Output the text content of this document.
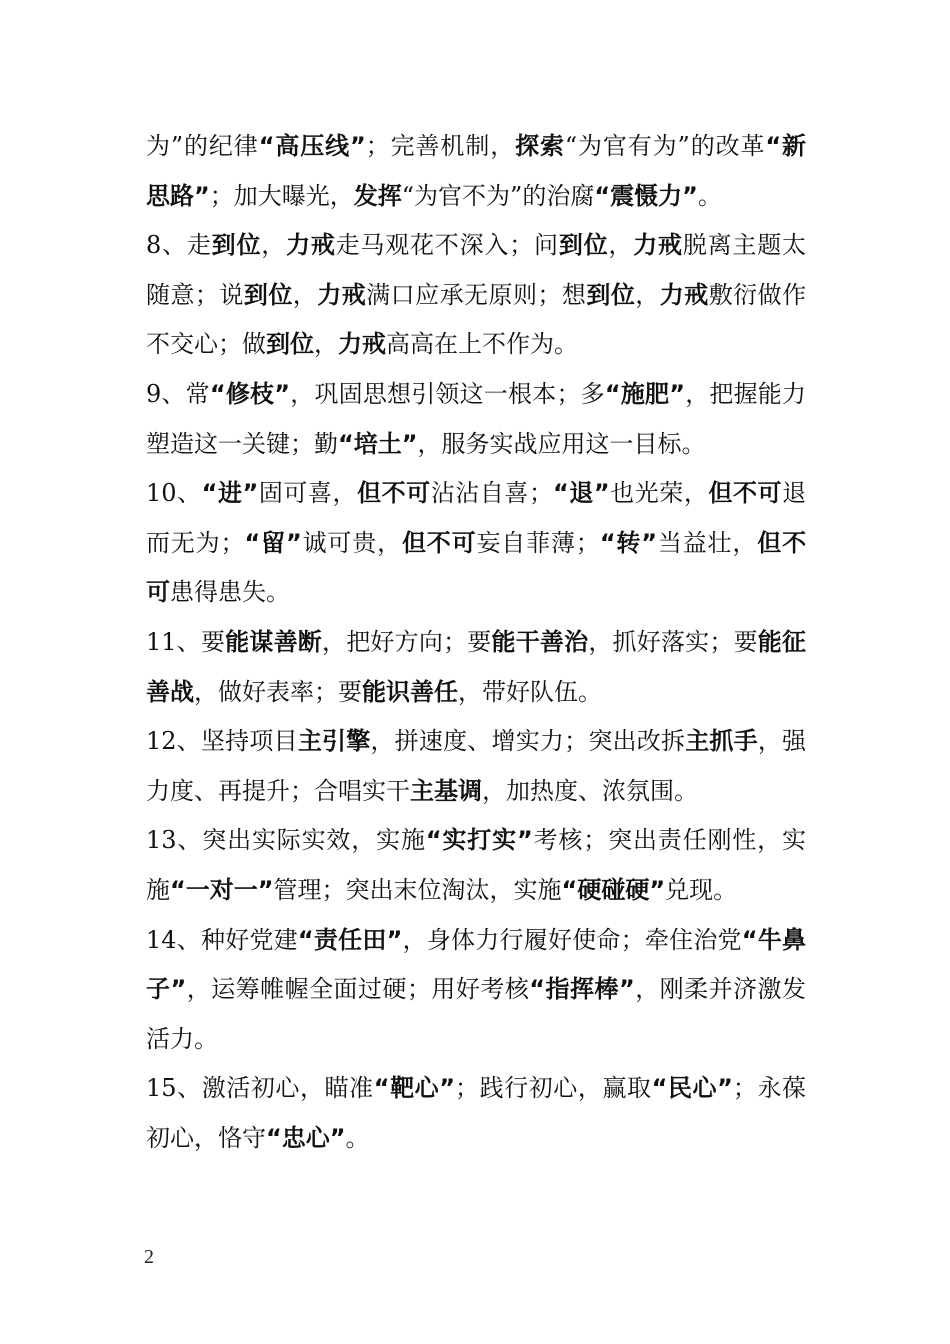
为”的纪律“高压线”；完善机制，探索“为官有为”的改革“新思路”；加大曝光，发挥“为官不为”的治腐“震慑力”。

8、走到位，力戒走马观花不深入；问到位，力戒脱离主题太随意；说到位，力戒满口应承无原则；想到位，力戒敷衍做作不交心；做到位，力戒高高在上不作为。

9、常“修枝”，巩固思想引领这一根本；多“施肥”，把握能力塑造这一关键；勤“培土”，服务实战应用这一目标。

10、“进”固可喜，但不可沾沾自喜；“退”也光荣，但不可退而无为；“留”诚可贵，但不可妄自菲薄；“转”当益壮，但不可患得患失。

11、要能谋善断，把好方向；要能干善治，抓好落实；要能征善战，做好表率；要能识善任，带好队伍。

12、坚持项目主引擎，拼速度、增实力；突出改拆主抓手，强力度、再提升；合唱实干主基调，加热度、浓氛围。

13、突出实际实效，实施“实打实”考核；突出责任刚性，实施“一对一”管理；突出末位淘汰，实施“硬碰硬”兑现。

14、种好党建“责任田”，身体力行履好使命；牵住治党“牛鼻子”，运筹帷幄全面过硬；用好考核“指挥棒”，刚柔并济激发活力。

15、激活初心，瞄准“靶心”；践行初心，赢取“民心”；永葆初心，恪守“忠心”。

2
